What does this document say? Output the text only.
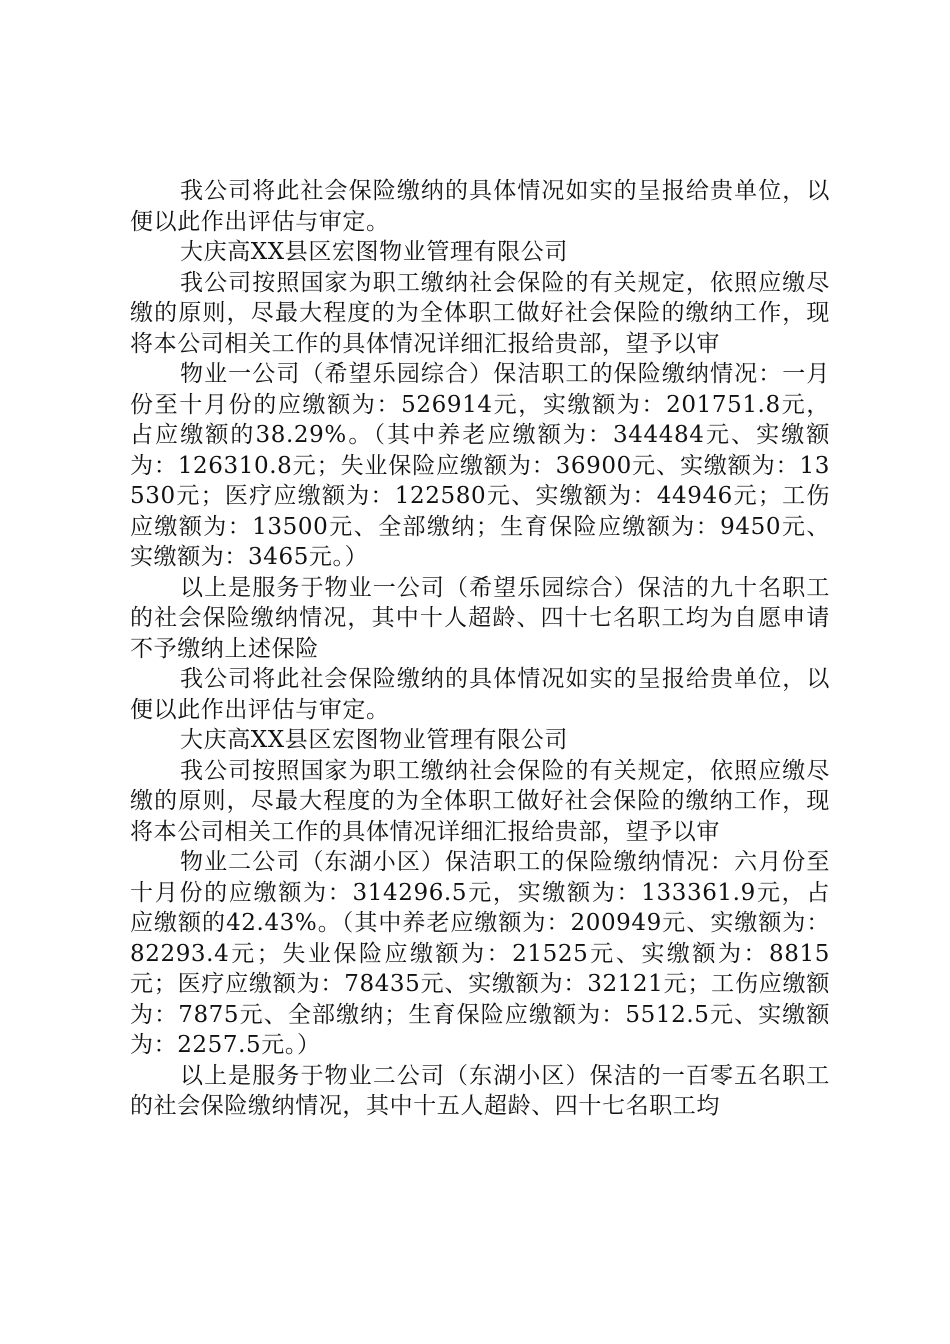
我公司将此社会保险缴纳的具体情况如实的呈报给贵单位，以便以此作出评估与审定。

大庆高XX县区宏图物业管理有限公司

我公司按照国家为职工缴纳社会保险的有关规定，依照应缴尽缴的原则，尽最大程度的为全体职工做好社会保险的缴纳工作，现将本公司相关工作的具体情况详细汇报给贵部，望予以审

物业一公司（希望乐园综合）保洁职工的保险缴纳情况：一月份至十月份的应缴额为：526914元，实缴额为：201751.8元，占应缴额的38.29%。（其中养老应缴额为：344484元、实缴额为：126310.8元；失业保险应缴额为：36900元、实缴额为：13530元；医疗应缴额为：122580元、实缴额为：44946元；工伤应缴额为：13500元、全部缴纳；生育保险应缴额为：9450元、实缴额为：3465元。）

以上是服务于物业一公司（希望乐园综合）保洁的九十名职工的社会保险缴纳情况，其中十人超龄、四十七名职工均为自愿申请不予缴纳上述保险

我公司将此社会保险缴纳的具体情况如实的呈报给贵单位，以便以此作出评估与审定。

大庆高XX县区宏图物业管理有限公司

我公司按照国家为职工缴纳社会保险的有关规定，依照应缴尽缴的原则，尽最大程度的为全体职工做好社会保险的缴纳工作，现将本公司相关工作的具体情况详细汇报给贵部，望予以审

物业二公司（东湖小区）保洁职工的保险缴纳情况：六月份至十月份的应缴额为：314296.5元，实缴额为：133361.9元，占应缴额的42.43%。（其中养老应缴额为：200949元、实缴额为：82293.4元；失业保险应缴额为：21525元、实缴额为：8815元；医疗应缴额为：78435元、实缴额为：32121元；工伤应缴额为：7875元、全部缴纳；生育保险应缴额为：5512.5元、实缴额为：2257.5元。）

以上是服务于物业二公司（东湖小区）保洁的一百零五名职工的社会保险缴纳情况，其中十五人超龄、四十七名职工均
